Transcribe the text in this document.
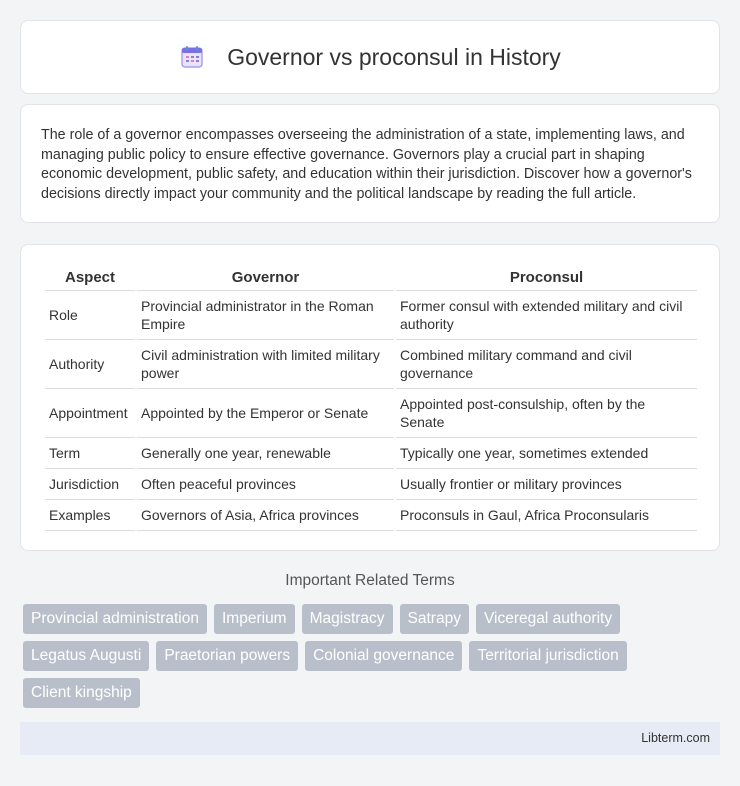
Governor vs proconsul in History

The role of a governor encompasses overseeing the administration of a state, implementing laws, and managing public policy to ensure effective governance. Governors play a crucial part in shaping economic development, public safety, and education within their jurisdiction. Discover how a governor's decisions directly impact your community and the political landscape by reading the full article.

Aspect	Governor	Proconsul
Role	Provincial administrator in the Roman Empire	Former consul with extended military and civil authority
Authority	Civil administration with limited military power	Combined military command and civil governance
Appointment	Appointed by the Emperor or Senate	Appointed post-consulship, often by the Senate
Term	Generally one year, renewable	Typically one year, sometimes extended
Jurisdiction	Often peaceful provinces	Usually frontier or military provinces
Examples	Governors of Asia, Africa provinces	Proconsuls in Gaul, Africa Proconsularis
Important Related Terms
Provincial administration	Imperium	Magistracy	Satrapy	Viceregal authority
Legatus Augusti	Praetorian powers	Colonial governance	Territorial jurisdiction
Client kingship
Libterm.com
